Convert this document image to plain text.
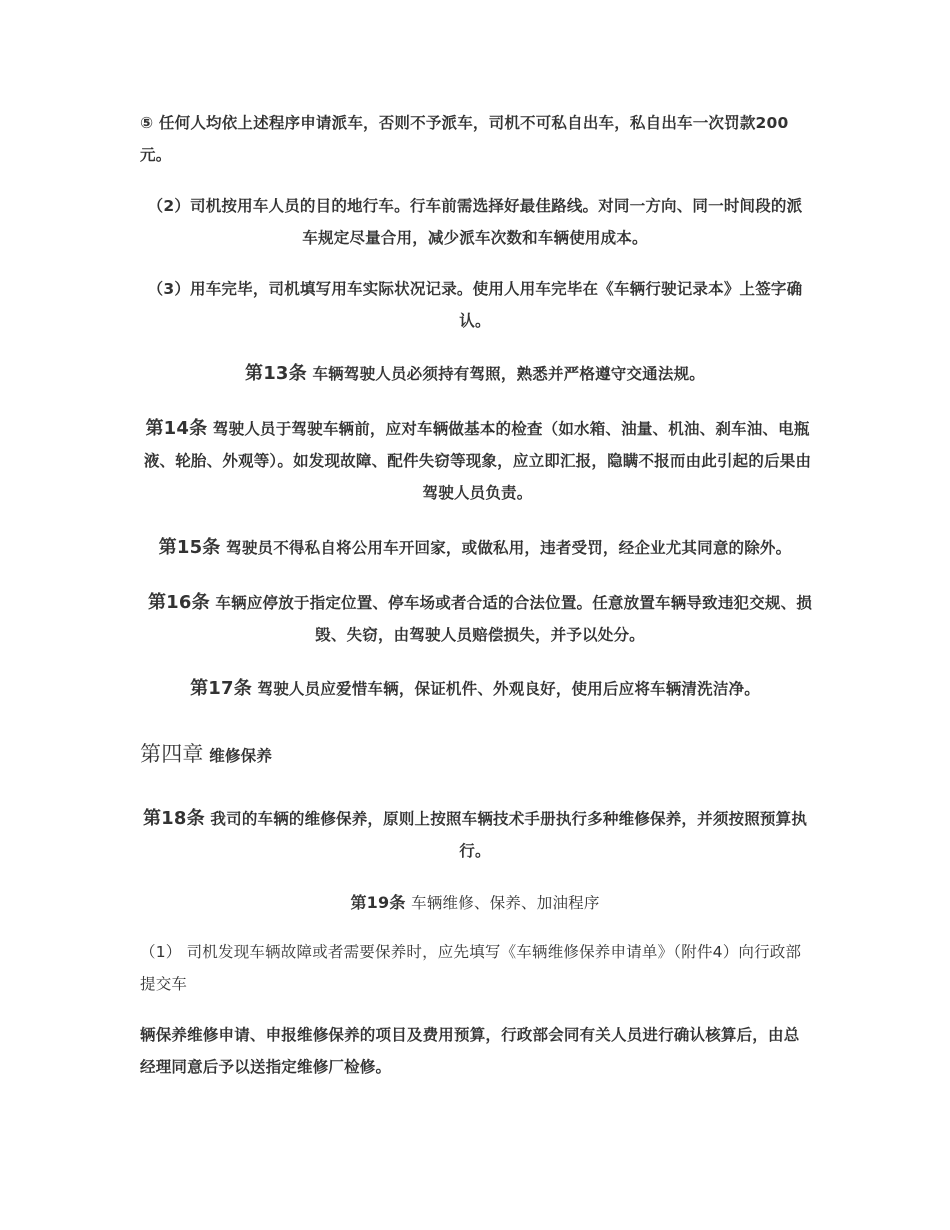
⑤ 任何人均依上述程序申请派车，否则不予派车，司机不可私自出车，私自出车一次罚款200元。

（2）司机按用车人员的目的地行车。行车前需选择好最佳路线。对同一方向、同一时间段的派车规定尽量合用，减少派车次数和车辆使用成本。

（3）用车完毕，司机填写用车实际状况记录。使用人用车完毕在《车辆行驶记录本》上签字确认。

第13条 车辆驾驶人员必须持有驾照，熟悉并严格遵守交通法规。

第14条 驾驶人员于驾驶车辆前，应对车辆做基本的检查（如水箱、油量、机油、刹车油、电瓶液、轮胎、外观等）。如发现故障、配件失窃等现象，应立即汇报，隐瞒不报而由此引起的后果由驾驶人员负责。

第15条 驾驶员不得私自将公用车开回家，或做私用，违者受罚，经企业尤其同意的除外。

第16条 车辆应停放于指定位置、停车场或者合适的合法位置。任意放置车辆导致违犯交规、损毁、失窃，由驾驶人员赔偿损失，并予以处分。

第17条 驾驶人员应爱惜车辆，保证机件、外观良好，使用后应将车辆清洗洁净。

第四章 维修保养

第18条 我司的车辆的维修保养，原则上按照车辆技术手册执行多种维修保养，并须按照预算执行。

第19条 车辆维修、保养、加油程序

（1） 司机发现车辆故障或者需要保养时，应先填写《车辆维修保养申请单》（附件4）向行政部提交车

辆保养维修申请、申报维修保养的项目及费用预算，行政部会同有关人员进行确认核算后，由总经理同意后予以送指定维修厂检修。
